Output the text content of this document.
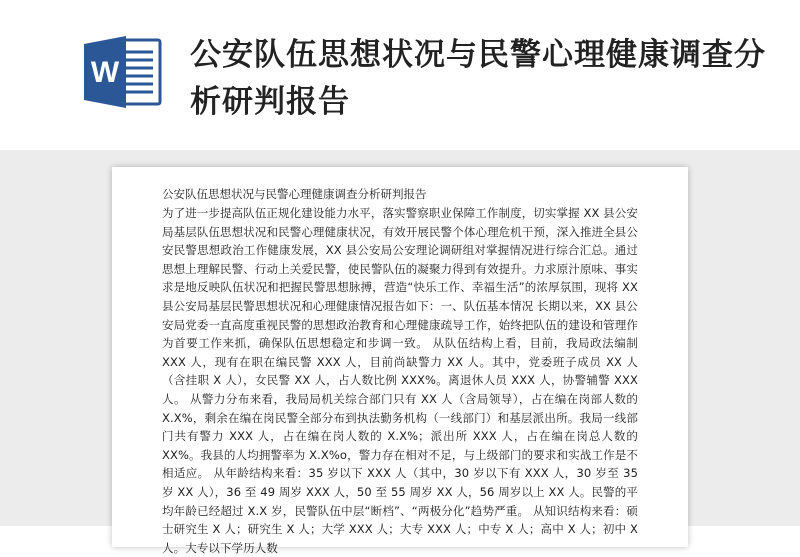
W 公安队伍思想状况与民警心理健康调查分析研判报告

公安队伍思想状况与民警心理健康调查分析研判报告

为了进一步提高队伍正规化建设能力水平，落实警察职业保障工作制度，切实掌握 XX 县公安局基层队伍思想状况和民警心理健康状况，有效开展民警个体心理危机干预，深入推进全县公安民警思想政治工作健康发展，XX 县公安局公安理论调研组对掌握情况进行综合汇总。通过思想上理解民警、行动上关爱民警，使民警队伍的凝聚力得到有效提升。力求原汁原味、事实求是地反映队伍状况和把握民警思想脉搏，营造“快乐工作、幸福生活”的浓厚氛围，现将 XX 县公安局基层民警思想状况和心理健康情况报告如下：一、队伍基本情况 长期以来，XX 县公安局党委一直高度重视民警的思想政治教育和心理健康疏导工作，始终把队伍的建设和管理作为首要工作来抓，确保队伍思想稳定和步调一致。 从队伍结构上看，目前，我局政法编制 XXX 人，现有在职在编民警 XXX 人，目前尚缺警力 XX 人。其中，党委班子成员 XX 人（含挂职 X 人），女民警 XX 人，占人数比例 XXX%。离退休人员 XXX 人，协警辅警 XXX 人。 从警力分布来看，我局局机关综合部门只有 XX 人（含局领导），占在编在岗部人数的 X.X%，剩余在编在岗民警全部分布到执法勤务机构（一线部门）和基层派出所。我局一线部门共有警力 XXX 人，占在编在岗人数的 X.X%；派出所 XXX 人，占在编在岗总人数的 XX%。我县的人均拥警率为 X.X%o，警力存在相对不足，与上级部门的要求和实战工作是不相适应。 从年龄结构来看：35 岁以下 XXX 人（其中，30 岁以下有 XXX 人，30 岁至 35 岁 XX 人），36 至 49 周岁 XXX 人，50 至 55 周岁 XX 人，56 周岁以上 XX 人。民警的平均年龄已经超过 X.X 岁，民警队伍中层“断档”、“两极分化”趋势严重。 从知识结构来看：硕士研究生 X 人；研究生 X 人；大学 XXX 人；大专 XXX 人；中专 X 人；高中 X 人；初中 X 人。大专以下学历人数
